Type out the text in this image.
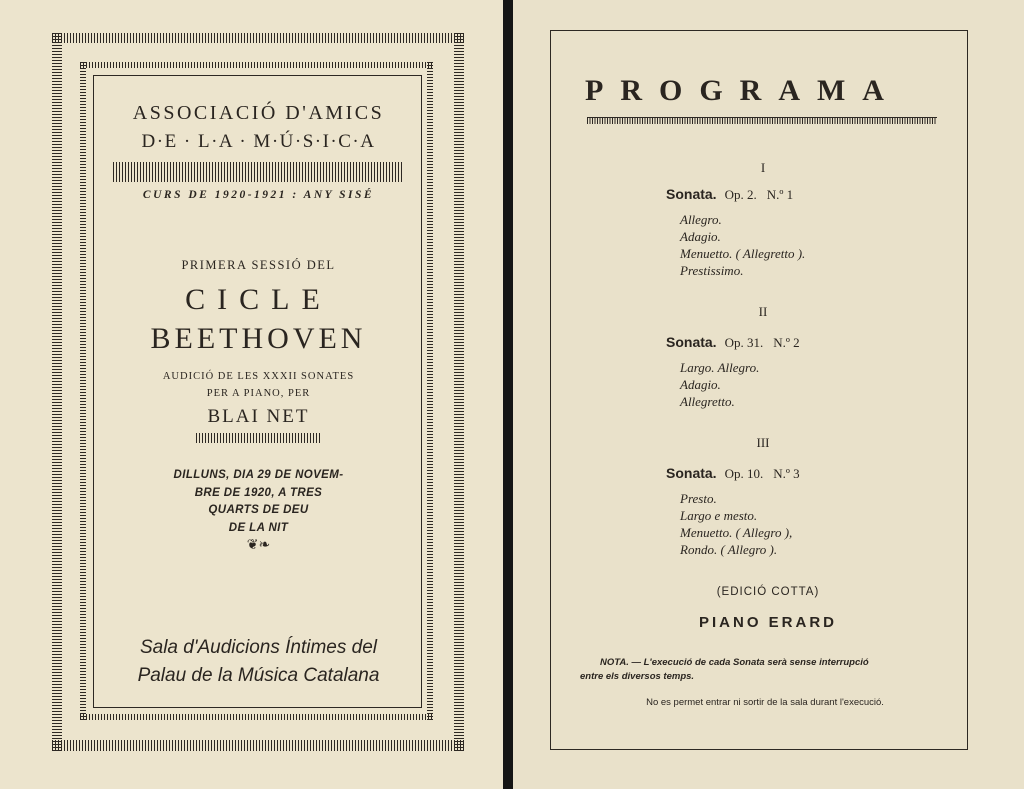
ASSOCIACIÓ D'AMICS
D·E · L·A · M·Ú·S·I·C·A
CURS DE 1920-1921 : ANY SISÉ
PRIMERA SESSIÓ DEL
CICLE
BEETHOVEN
AUDICIÓ DE LES XXXII SONATES
PER A PIANO, PER
BLAI NET
DILLUNS, DIA 29 DE NOVEM-
BRE DE 1920, A TRES
QUARTS DE DEU
DE LA NIT
❦❧
Sala d'Audicions Íntimes del
Palau de la Música Catalana
PROGRAMA
I
Sonata. Op. 2. N.º 1
Allegro.
Adagio.
Menuetto. ( Allegretto ).
Prestissimo.
II
Sonata. Op. 31. N.º 2
Largo. Allegro.
Adagio.
Allegretto.
III
Sonata. Op. 10. N.º 3
Presto.
Largo e mesto.
Menuetto. ( Allegro ),
Rondo. ( Allegro ).
(EDICIÓ COTTA)
PIANO ERARD
NOTA. — L'execució de cada Sonata serà sense interrupció
entre els diversos temps.
No es permet entrar ni sortir de la sala durant l'execució.
